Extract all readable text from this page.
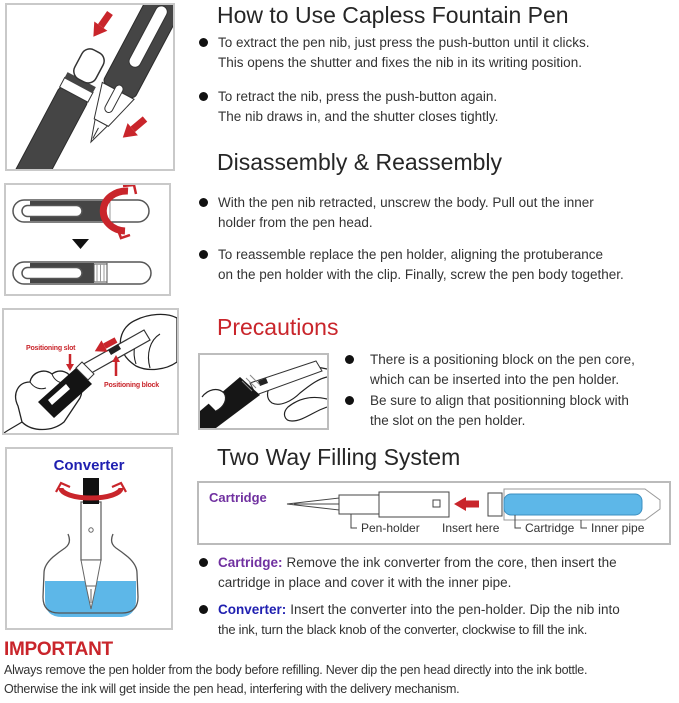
Positioning slot
Positioning block
Converter
How to Use Capless Fountain Pen
To extract the pen nib, just press the push-button until it clicks.
This opens the shutter and fixes the nib in its writing position.
To retract the nib, press the push-button again.
The nib draws in, and the shutter closes tightly.
Disassembly & Reassembly
With the pen nib retracted, unscrew the body. Pull out the inner
holder from the pen head.
To reassemble replace the pen holder, aligning the protuberance
on the pen holder with the clip. Finally, screw the pen body together.
Precautions
There is a positioning block on the pen core,
which can be inserted into the pen holder.
Be sure to align that positionning block with
the slot on the pen holder.
Two Way Filling System
Cartridge
Pen-holder Insert here Cartridge Inner pipe
Cartridge: Remove the ink converter from the core, then insert the
cartridge in place and cover it with the inner pipe.
Converter: Insert the converter into the pen-holder. Dip the nib into
the ink, turn the black knob of the converter, clockwise to fill the ink.
IMPORTANT
Always remove the pen holder from the body before refilling. Never dip the pen head directly into the ink bottle.
Otherwise the ink will get inside the pen head, interfering with the delivery mechanism.
